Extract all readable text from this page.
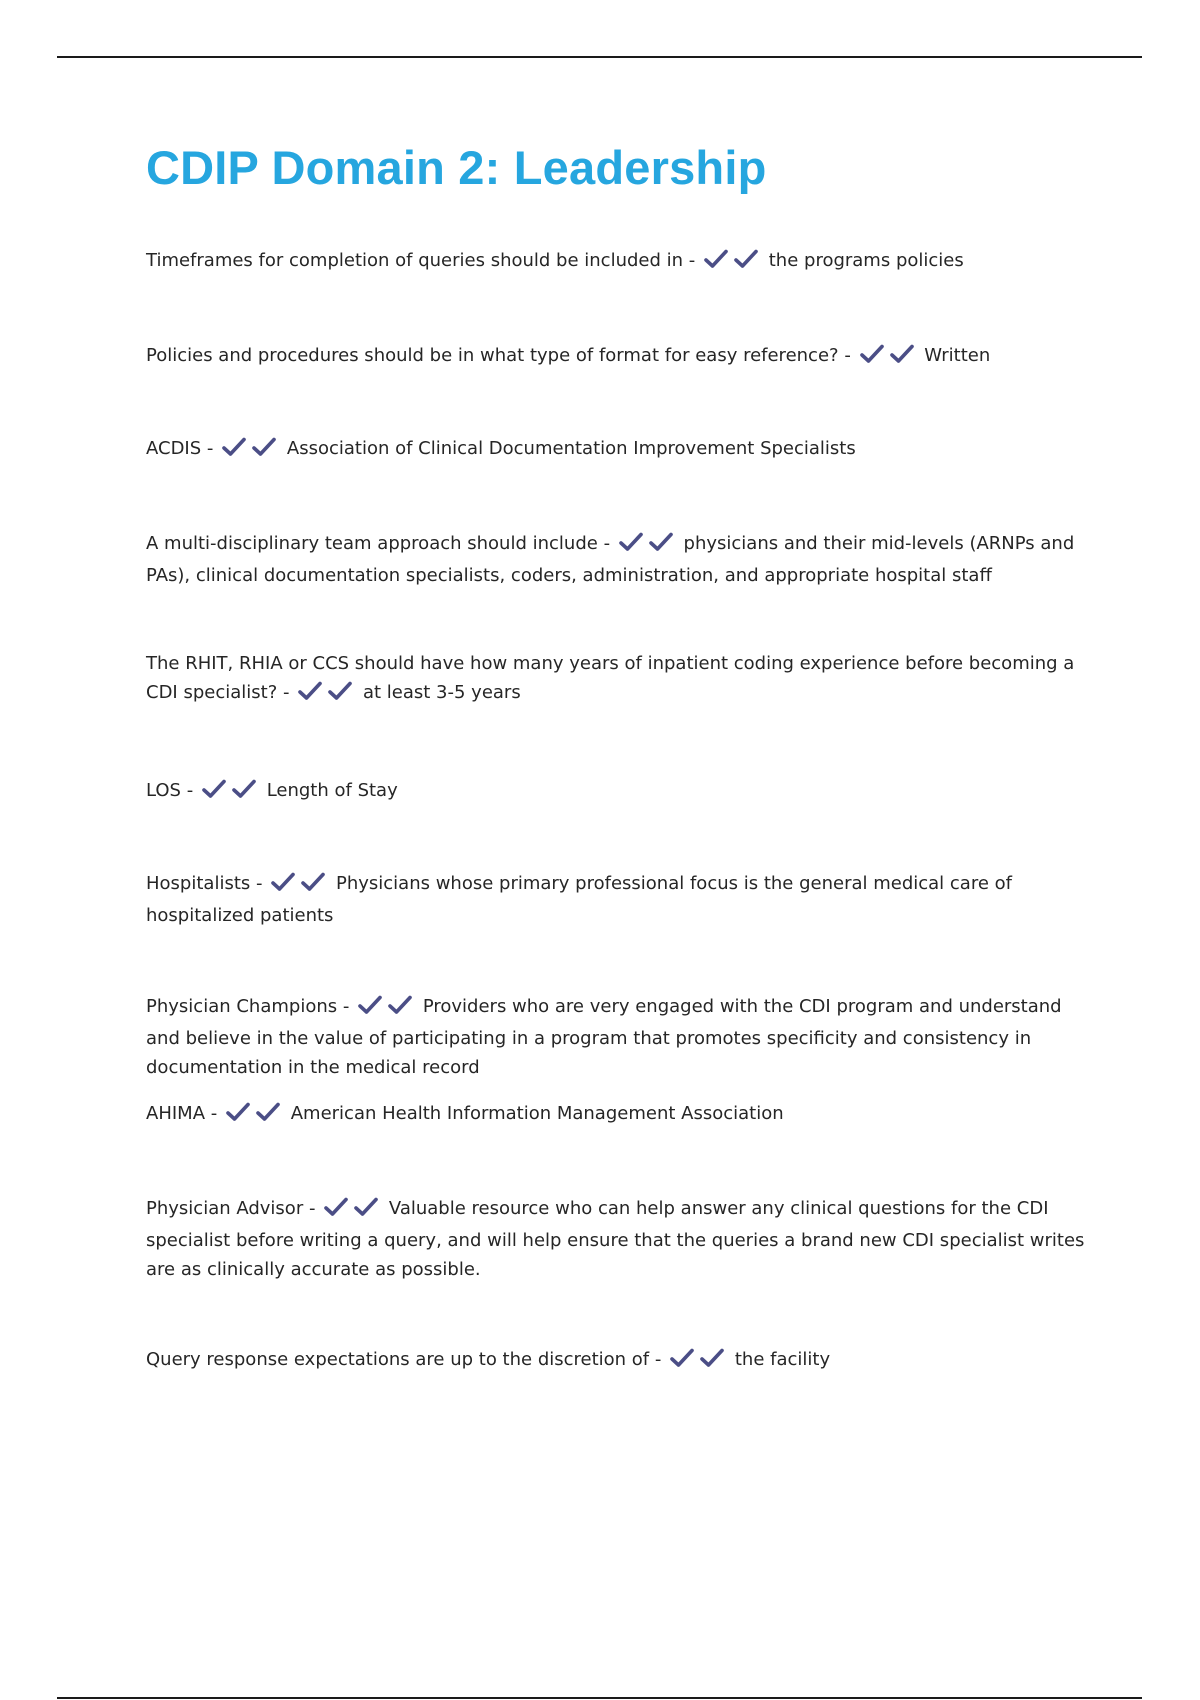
CDIP Domain 2: Leadership

Timeframes for completion of queries should be included in -	the programs policies

Policies and procedures should be in what type of format for easy reference? -	Written

ACDIS -	Association of Clinical Documentation Improvement Specialists

A multi-disciplinary team approach should include -	physicians and their mid-levels (ARNPs and PAs), clinical documentation specialists, coders, administration, and appropriate hospital staff

The RHIT, RHIA or CCS should have how many years of inpatient coding experience before becoming a CDI specialist? -	at least 3-5 years

LOS -	Length of Stay

Hospitalists -	Physicians whose primary professional focus is the general medical care of hospitalized patients

Physician Champions -	Providers who are very engaged with the CDI program and understand and believe in the value of participating in a program that promotes specificity and consistency in documentation in the medical record

AHIMA -	American Health Information Management Association

Physician Advisor -	Valuable resource who can help answer any clinical questions for the CDI specialist before writing a query, and will help ensure that the queries a brand new CDI specialist writes are as clinically accurate as possible.

Query response expectations are up to the discretion of -	the facility
